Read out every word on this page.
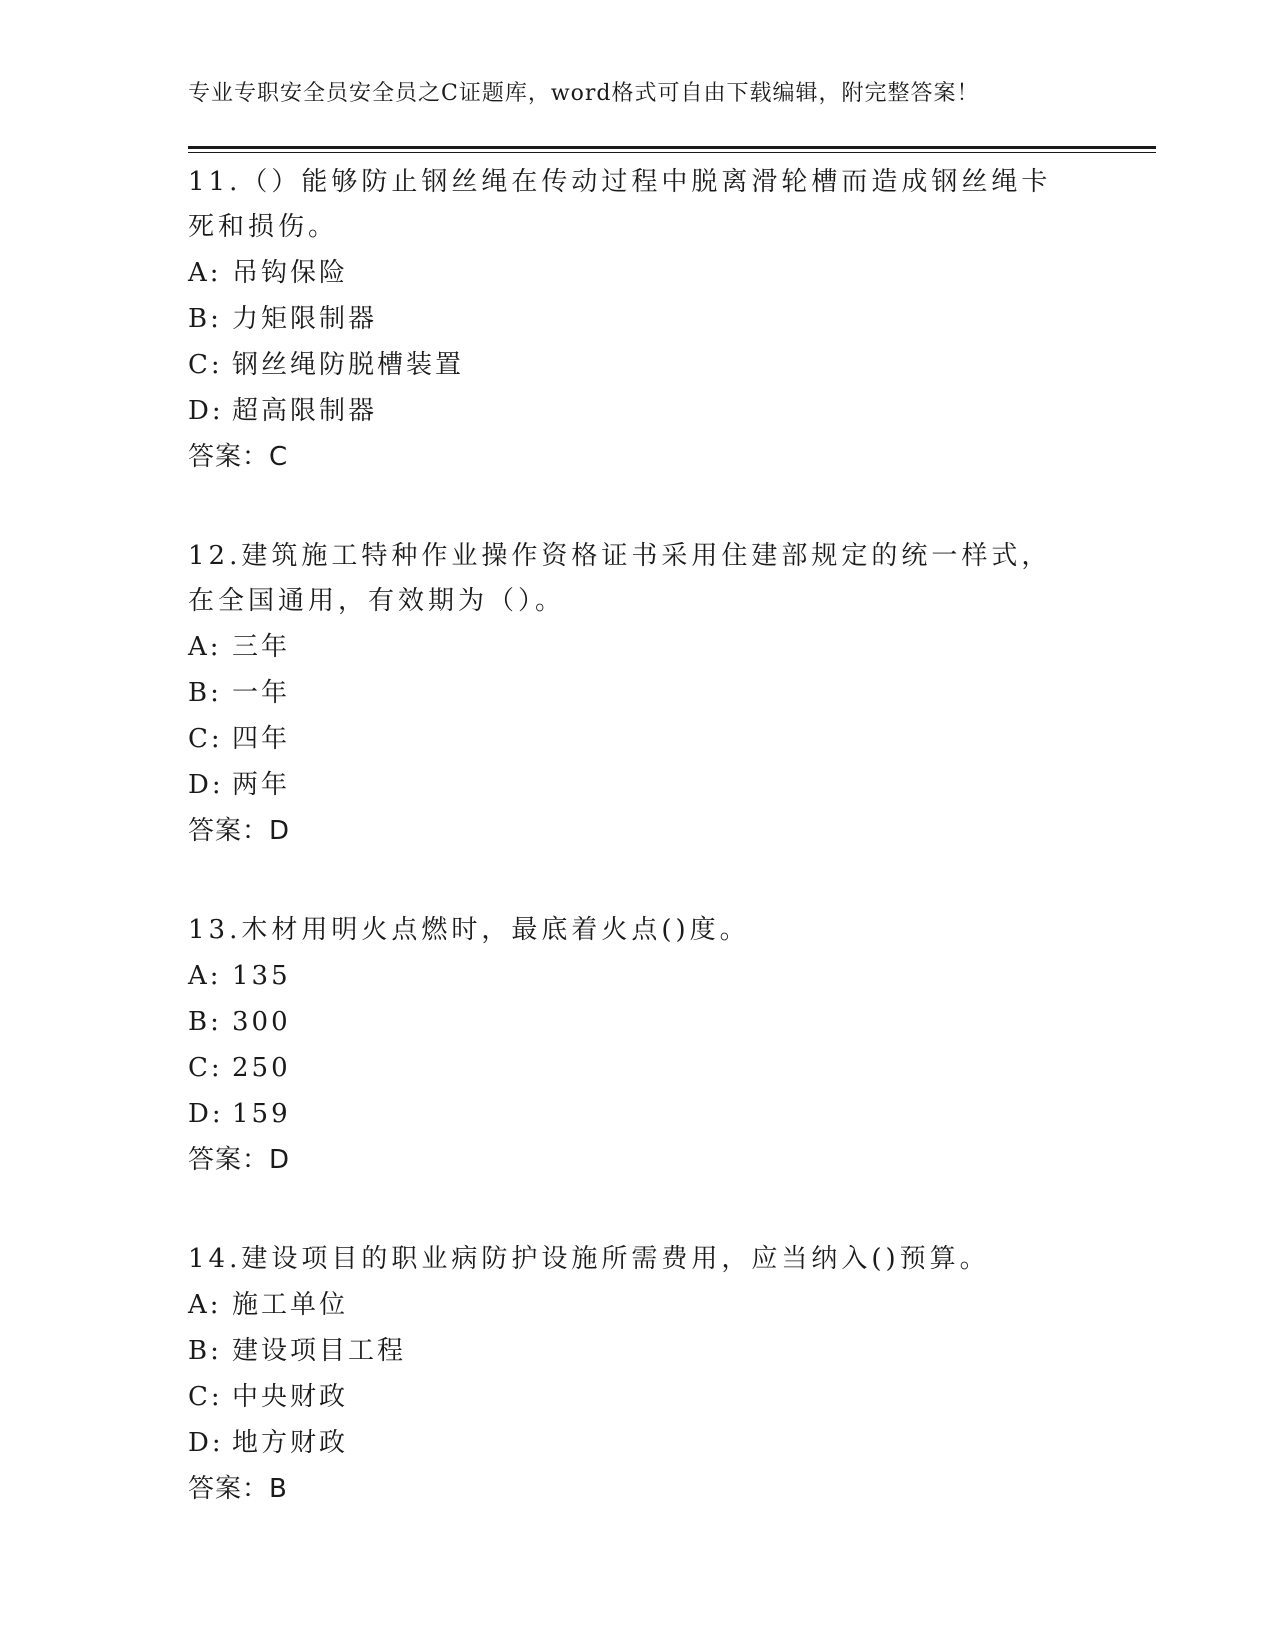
专业专职安全员安全员之C证题库，word格式可自由下载编辑，附完整答案！
11.（）能够防止钢丝绳在传动过程中脱离滑轮槽而造成钢丝绳卡死和损伤。
A: 吊钩保险
B: 力矩限制器
C: 钢丝绳防脱槽装置
D: 超高限制器
答案：C
12.建筑施工特种作业操作资格证书采用住建部规定的统一样式，在全国通用，有效期为（）。
A: 三年
B: 一年
C: 四年
D: 两年
答案：D
13.木材用明火点燃时，最底着火点()度。
A: 135
B: 300
C: 250
D: 159
答案：D
14.建设项目的职业病防护设施所需费用，应当纳入()预算。
A: 施工单位
B: 建设项目工程
C: 中央财政
D: 地方财政
答案：B
